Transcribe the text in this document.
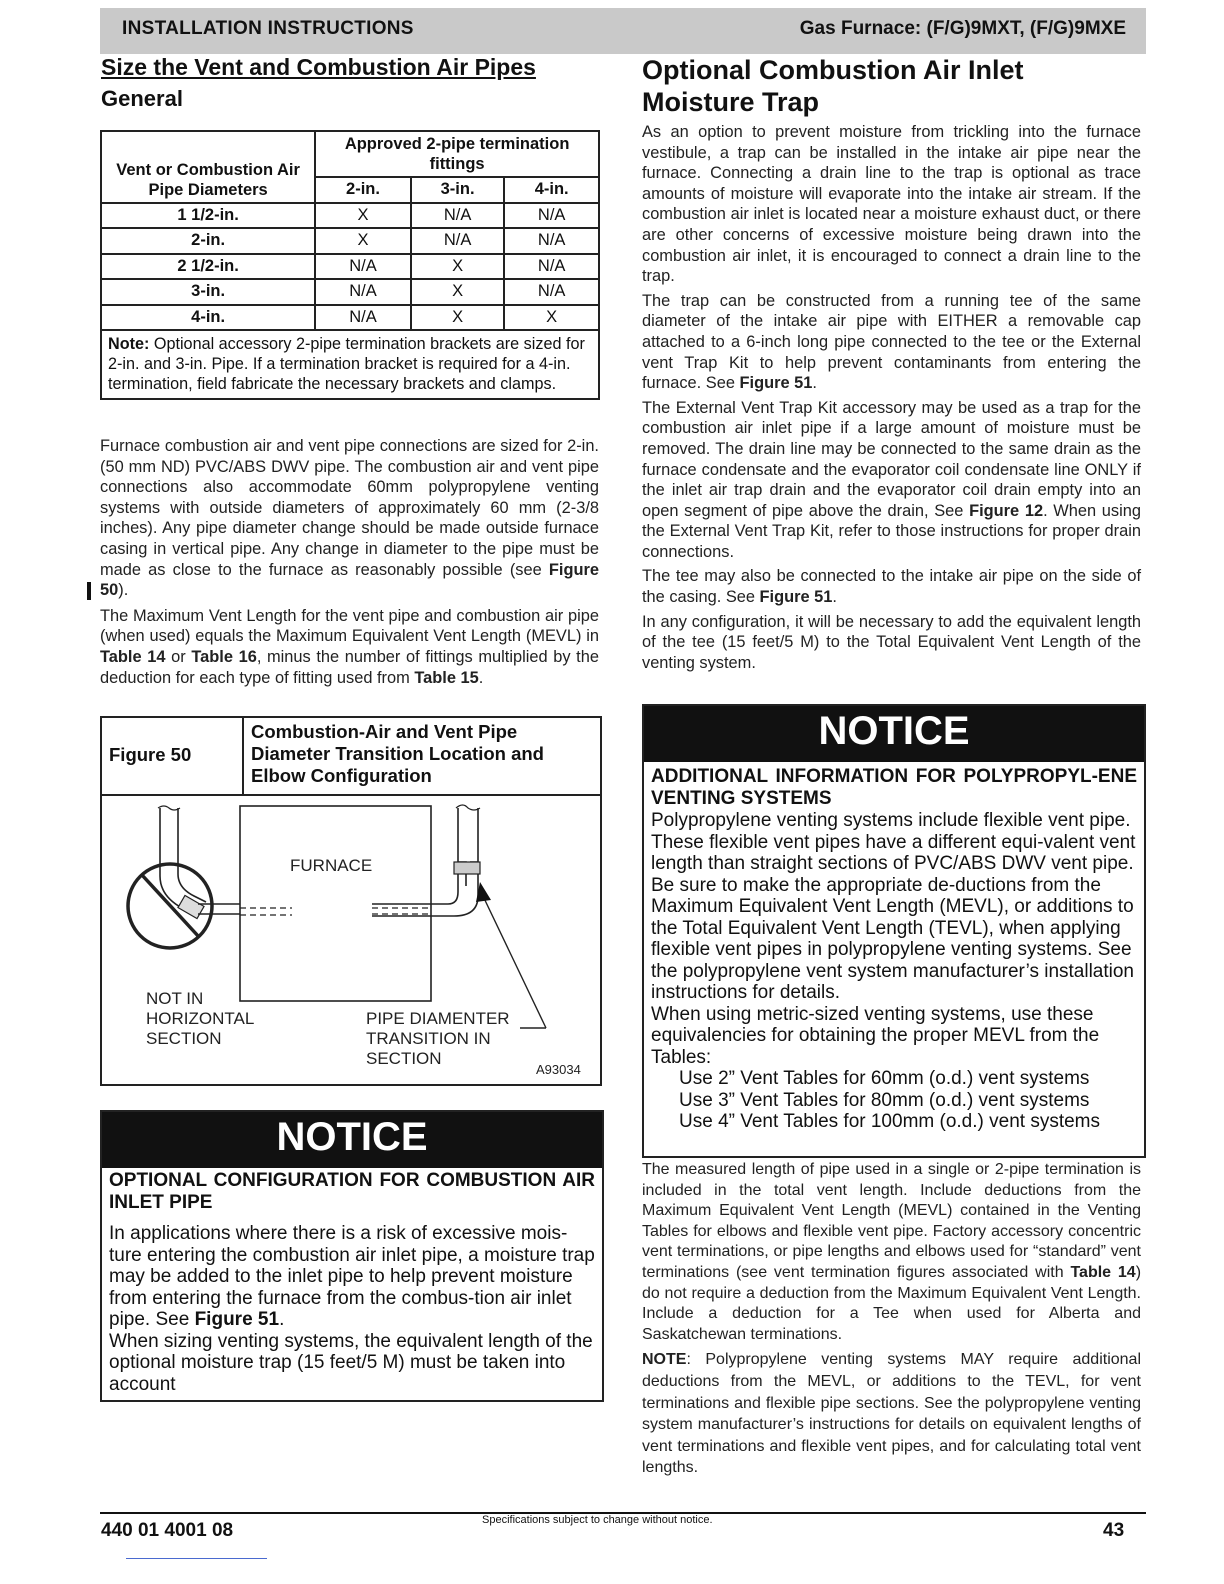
INSTALLATION INSTRUCTIONS	Gas Furnace: (F/G)9MXT, (F/G)9MXE
Size the Vent and Combustion Air Pipes
General
Vent or Combustion Air Pipe Diameters	Approved 2-pipe termination fittings		
	2-in.	3-in.	4-in.
1 1/2-in.	X	N/A	N/A
2-in.	X	N/A	N/A
2 1/2-in.	N/A	X	N/A
3-in.	N/A	X	N/A
4-in.	N/A	X	X
Note: Optional accessory 2-pipe termination brackets are sized for 2-in. and 3-in. Pipe. If a termination bracket is required for a 4-in. termination, field fabricate the necessary brackets and clamps.			

Furnace combustion air and vent pipe connections are sized for 2-in. (50 mm ND) PVC/ABS DWV pipe. The combustion air and vent pipe connections also accommodate 60mm polypropylene venting systems with outside diameters of approximately 60 mm (2-3/8 inches). Any pipe diameter change should be made outside furnace casing in vertical pipe. Any change in diameter to the pipe must be made as close to the furnace as reasonably possible (see Figure 50).

The Maximum Vent Length for the vent pipe and combustion air pipe (when used) equals the Maximum Equivalent Vent Length (MEVL) in Table 14 or Table 16, minus the number of fittings multiplied by the deduction for each type of fitting used from Table 15.

Figure 50
Combustion-Air and Vent Pipe Diameter Transition Location and Elbow Configuration
FURNACE
NOT IN
HORIZONTAL
SECTION
PIPE DIAMENTER
TRANSITION IN
SECTION
A93034
NOTICE
OPTIONAL CONFIGURATION FOR COMBUSTION AIR INLET PIPE
In applications where there is a risk of excessive mois-ture entering the combustion air inlet pipe, a moisture trap may be added to the inlet pipe to help prevent moisture from entering the furnace from the combus-tion air inlet pipe. See Figure 51.
When sizing venting systems, the equivalent length of the optional moisture trap (15 feet/5 M) must be taken into account
Optional Combustion Air Inlet Moisture Trap

As an option to prevent moisture from trickling into the furnace vestibule, a trap can be installed in the intake air pipe near the furnace. Connecting a drain line to the trap is optional as trace amounts of moisture will evaporate into the intake air stream. If the combustion air inlet is located near a moisture exhaust duct, or there are other concerns of excessive moisture being drawn into the combustion air inlet, it is encouraged to connect a drain line to the trap.

The trap can be constructed from a running tee of the same diameter of the intake air pipe with EITHER a removable cap attached to a 6-inch long pipe connected to the tee or the External vent Trap Kit to help prevent contaminants from entering the furnace. See Figure 51.

The External Vent Trap Kit accessory may be used as a trap for the combustion air inlet pipe if a large amount of moisture must be removed. The drain line may be connected to the same drain as the furnace condensate and the evaporator coil condensate line ONLY if the inlet air trap drain and the evaporator coil drain empty into an open segment of pipe above the drain, See Figure 12. When using the External Vent Trap Kit, refer to those instructions for proper drain connections.

The tee may also be connected to the intake air pipe on the side of the casing. See Figure 51.

In any configuration, it will be necessary to add the equivalent length of the tee (15 feet/5 M) to the Total Equivalent Vent Length of the venting system.

NOTICE
ADDITIONAL INFORMATION FOR POLYPROPYL-ENE VENTING SYSTEMS
Polypropylene venting systems include flexible vent pipe. These flexible vent pipes have a different equi-valent vent length than straight sections of PVC/ABS DWV vent pipe. Be sure to make the appropriate de-ductions from the Maximum Equivalent Vent Length (MEVL), or additions to the Total Equivalent Vent Length (TEVL), when applying flexible vent pipes in polypropylene venting systems. See the polypropylene vent system manufacturer’s installation instructions for details.
When using metric-sized venting systems, use these equivalencies for obtaining the proper MEVL from the Tables:
Use 2” Vent Tables for 60mm (o.d.) vent systems
Use 3” Vent Tables for 80mm (o.d.) vent systems
Use 4” Vent Tables for 100mm (o.d.) vent systems

The measured length of pipe used in a single or 2-pipe termination is included in the total vent length. Include deductions from the Maximum Equivalent Vent Length (MEVL) contained in the Venting Tables for elbows and flexible vent pipe. Factory accessory concentric vent terminations, or pipe lengths and elbows used for “standard” vent terminations (see vent termination figures associated with Table 14) do not require a deduction from the Maximum Equivalent Vent Length. Include a deduction for a Tee when used for Alberta and Saskatchewan terminations.

NOTE: Polypropylene venting systems MAY require additional deductions from the MEVL, or additions to the TEVL, for vent terminations and flexible pipe sections. See the polypropylene venting system manufacturer’s instructions for details on equivalent lengths of vent terminations and flexible vent pipes, and for calculating total vent lengths.

440 01 4001 08	Specifications subject to change without notice.	43
